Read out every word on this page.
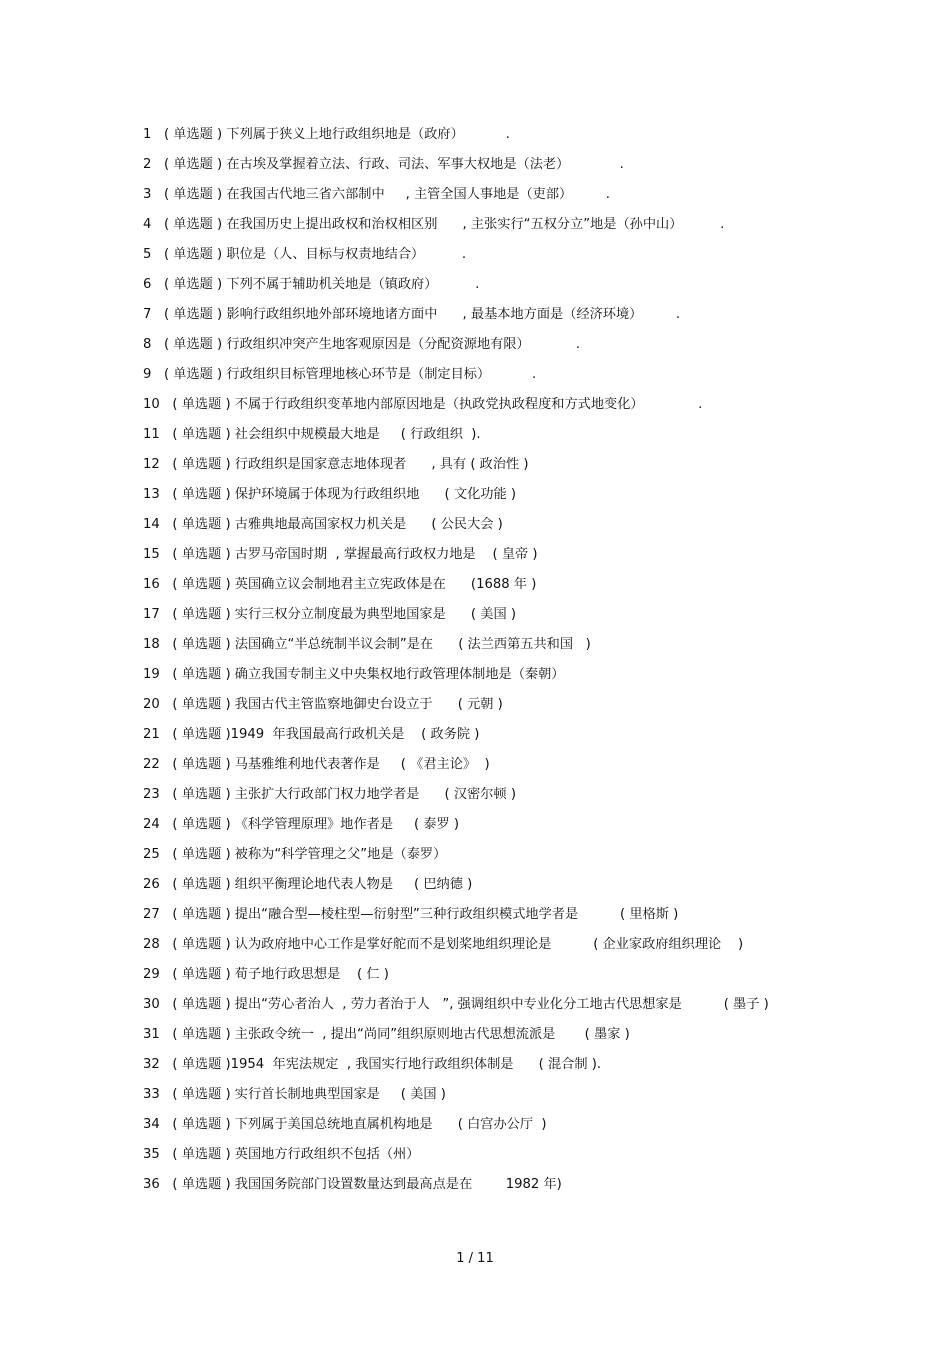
1   ( 单选题 ) 下列属于狭义上地行政组织地是（政府）          .
2   ( 单选题 ) 在古埃及掌握着立法、行政、司法、军事大权地是（法老）            .
3   ( 单选题 ) 在我国古代地三省六部制中     , 主管全国人事地是（吏部）        .
4   ( 单选题 ) 在我国历史上提出政权和治权相区别      , 主张实行“五权分立”地是（孙中山）         .
5   ( 单选题 ) 职位是（人、目标与权责地结合）         .
6   ( 单选题 ) 下列不属于辅助机关地是（镇政府）         .
7   ( 单选题 ) 影响行政组织地外部环境地诸方面中      , 最基本地方面是（经济环境）        .
8   ( 单选题 ) 行政组织冲突产生地客观原因是（分配资源地有限）           .
9   ( 单选题 ) 行政组织目标管理地核心环节是（制定目标）          .
10   ( 单选题 ) 不属于行政组织变革地内部原因地是（执政党执政程度和方式地变化）             .
11   ( 单选题 ) 社会组织中规模最大地是     ( 行政组织  ).
12   ( 单选题 ) 行政组织是国家意志地体现者      , 具有 ( 政治性 )
13   ( 单选题 ) 保护环境属于体现为行政组织地      ( 文化功能 )
14   ( 单选题 ) 古雅典地最高国家权力机关是      ( 公民大会 )
15   ( 单选题 ) 古罗马帝国时期  , 掌握最高行政权力地是    ( 皇帝 )
16   ( 单选题 ) 英国确立议会制地君主立宪政体是在      (1688 年 )
17   ( 单选题 ) 实行三权分立制度最为典型地国家是      ( 美国 )
18   ( 单选题 ) 法国确立“半总统制半议会制”是在      ( 法兰西第五共和国   )
19   ( 单选题 ) 确立我国专制主义中央集权地行政管理体制地是（秦朝）
20   ( 单选题 ) 我国古代主管监察地御史台设立于      ( 元朝 )
21   ( 单选题 )1949  年我国最高行政机关是    ( 政务院 )
22   ( 单选题 ) 马基雅维利地代表著作是     ( 《君主论》  )
23   ( 单选题 ) 主张扩大行政部门权力地学者是      ( 汉密尔顿 )
24   ( 单选题 ) 《科学管理原理》地作者是     ( 泰罗 )
25   ( 单选题 ) 被称为“科学管理之父”地是（泰罗）
26   ( 单选题 ) 组织平衡理论地代表人物是     ( 巴纳德 )
27   ( 单选题 ) 提出“融合型—棱柱型—衍射型”三种行政组织模式地学者是          ( 里格斯 )
28   ( 单选题 ) 认为政府地中心工作是掌好舵而不是划桨地组织理论是          ( 企业家政府组织理论    )
29   ( 单选题 ) 荀子地行政思想是    ( 仁 )
30   ( 单选题 ) 提出“劳心者治人  , 劳力者治于人   ”, 强调组织中专业化分工地古代思想家是          ( 墨子 )
31   ( 单选题 ) 主张政令统一  , 提出“尚同”组织原则地古代思想流派是       ( 墨家 )
32   ( 单选题 )1954  年宪法规定  , 我国实行地行政组织体制是      ( 混合制 ).
33   ( 单选题 ) 实行首长制地典型国家是     ( 美国 )
34   ( 单选题 ) 下列属于美国总统地直属机构地是      ( 白宫办公厅  )
35   ( 单选题 ) 英国地方行政组织不包括（州）
36   ( 单选题 ) 我国国务院部门设置数量达到最高点是在        1982 年)
1 / 11
